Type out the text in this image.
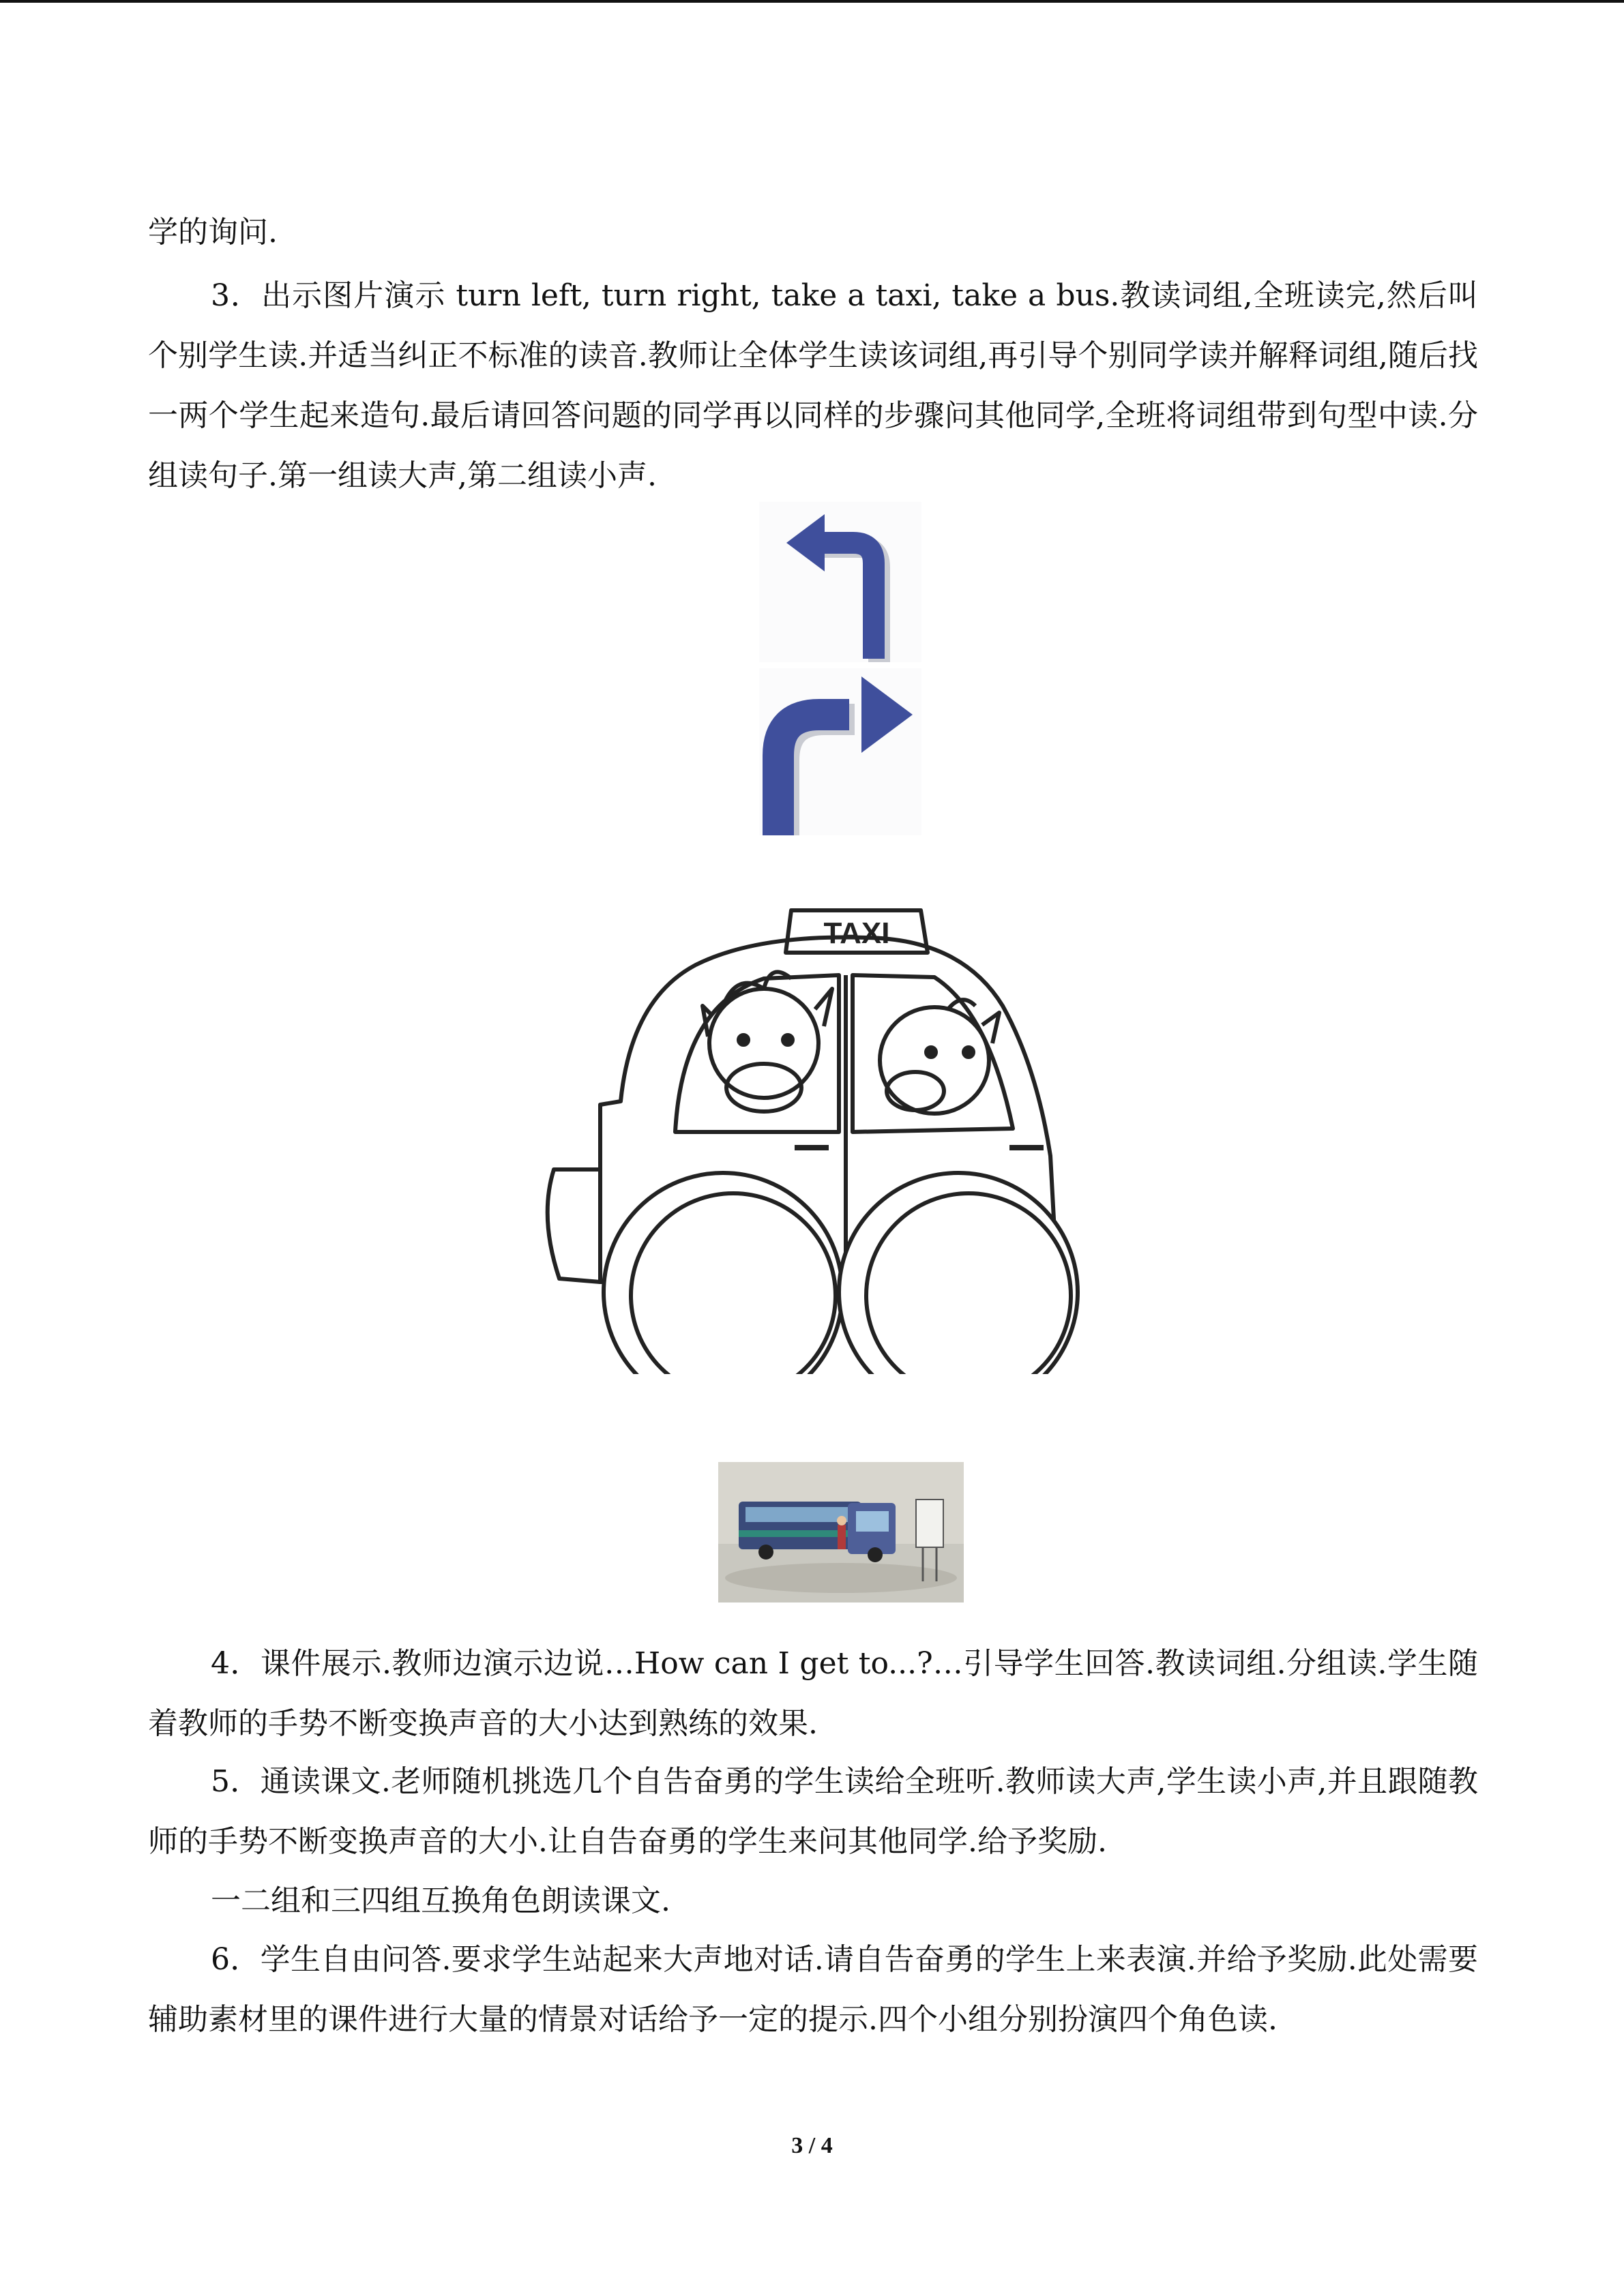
学的询问.

3．出示图片演示 turn left, turn right, take a taxi, take a bus.教读词组,全班读完,然后叫个别学生读.并适当纠正不标准的读音.教师让全体学生读该词组,再引导个别同学读并解释词组,随后找一两个学生起来造句.最后请回答问题的同学再以同样的步骤问其他同学,全班将词组带到句型中读.分组读句子.第一组读大声,第二组读小声.

TAXI

4．课件展示.教师边演示边说…How can I get to...?…引导学生回答.教读词组.分组读.学生随着教师的手势不断变换声音的大小达到熟练的效果.

5．通读课文.老师随机挑选几个自告奋勇的学生读给全班听.教师读大声,学生读小声,并且跟随教师的手势不断变换声音的大小.让自告奋勇的学生来问其他同学.给予奖励.

一二组和三四组互换角色朗读课文.

6．学生自由问答.要求学生站起来大声地对话.请自告奋勇的学生上来表演.并给予奖励.此处需要辅助素材里的课件进行大量的情景对话给予一定的提示.四个小组分别扮演四个角色读.

3 / 4
